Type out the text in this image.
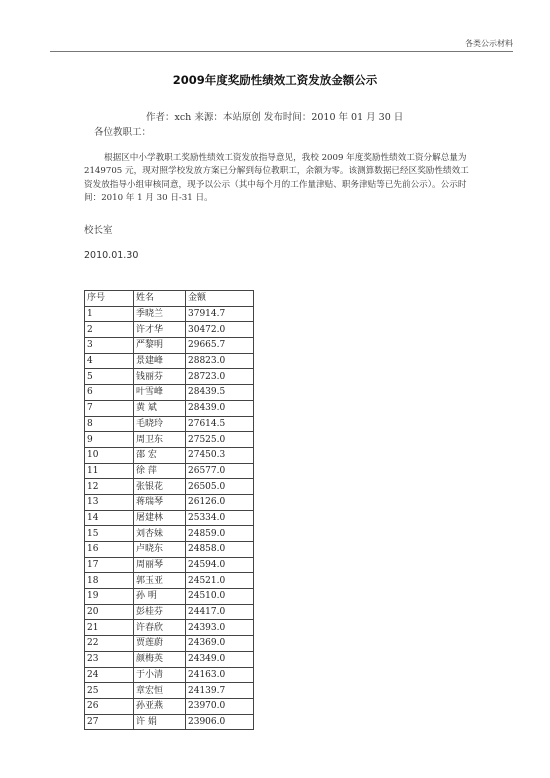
各类公示材料
2009年度奖励性绩效工资发放金额公示
作者：xch 来源：本站原创 发布时间：2010 年 01 月 30 日
各位教职工：
根据区中小学教职工奖励性绩效工资发放指导意见，我校 2009 年度奖励性绩效工资分解总量为 2149705 元，现对照学校发放方案已分解到每位教职工，余额为零。该测算数据已经区奖励性绩效工资发放指导小组审核同意，现予以公示（其中每个月的工作量津贴、职务津贴等已先前公示）。公示时间：2010 年 1 月 30 日-31 日。
校长室
2010.01.30
序号	姓名	金额
1	季晓兰	37914.7
2	许才华	30472.0
3	严黎明	29665.7
4	景建峰	28823.0
5	钱丽芬	28723.0
6	叶雪峰	28439.5
7	黄 斌	28439.0
8	毛晓玲	27614.5
9	周卫东	27525.0
10	邵 宏	27450.3
11	徐 萍	26577.0
12	张银花	26505.0
13	蒋瑞琴	26126.0
14	屠建林	25334.0
15	刘杏妹	24859.0
16	卢晓东	24858.0
17	周丽琴	24594.0
18	郭玉亚	24521.0
19	孙 明	24510.0
20	彭桂芬	24417.0
21	许春欣	24393.0
22	贾莲蔚	24369.0
23	颜梅英	24349.0
24	于小清	24163.0
25	章宏恒	24139.7
26	孙亚燕	23970.0
27	许 娟	23906.0
